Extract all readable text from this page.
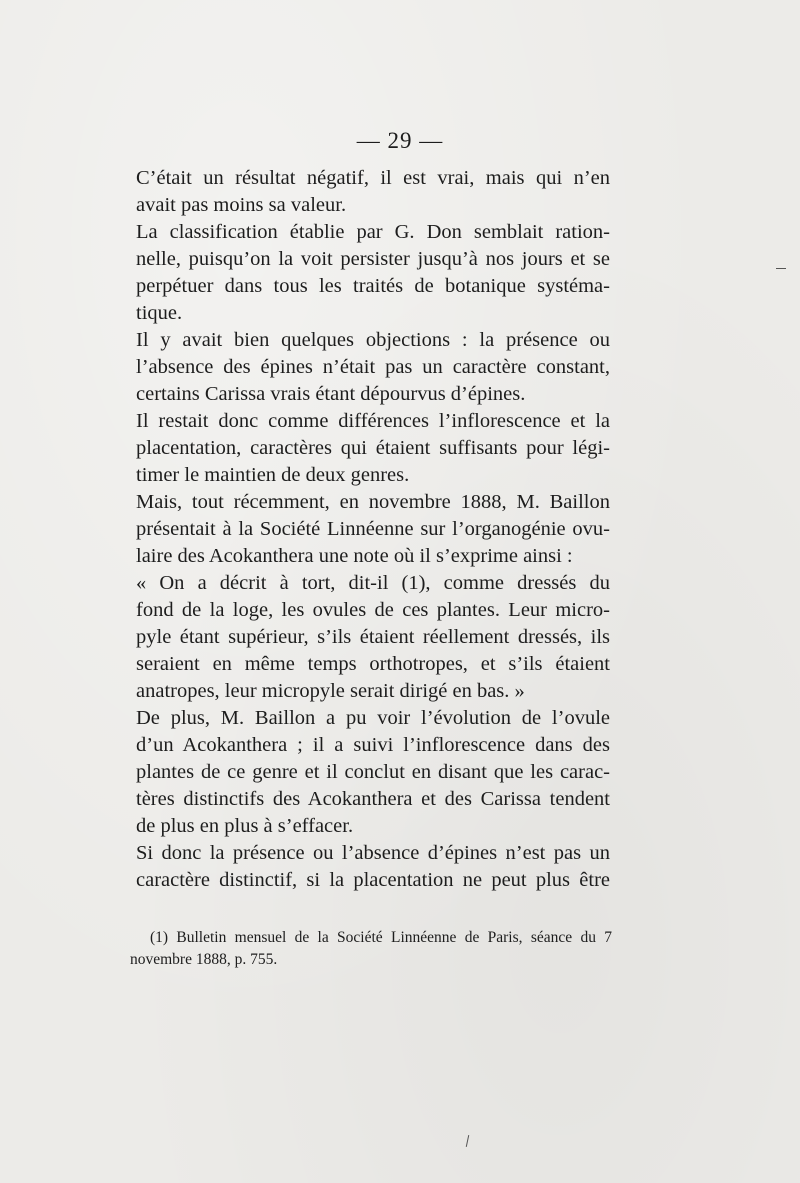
— 29 —
C’était un résultat négatif, il est vrai, mais qui n’en
avait pas moins sa valeur.
La classification établie par G. Don semblait ration-
nelle, puisqu’on la voit persister jusqu’à nos jours et se
perpétuer dans tous les traités de botanique systéma-
tique.
Il y avait bien quelques objections : la présence ou
l’absence des épines n’était pas un caractère constant,
certains Carissa vrais étant dépourvus d’épines.
Il restait donc comme différences l’inflorescence et la
placentation, caractères qui étaient suffisants pour légi-
timer le maintien de deux genres.
Mais, tout récemment, en novembre 1888, M. Baillon
présentait à la Société Linnéenne sur l’organogénie ovu-
laire des Acokanthera une note où il s’exprime ainsi :
« On a décrit à tort, dit-il (1), comme dressés du
fond de la loge, les ovules de ces plantes. Leur micro-
pyle étant supérieur, s’ils étaient réellement dressés, ils
seraient en même temps orthotropes, et s’ils étaient
anatropes, leur micropyle serait dirigé en bas. »
De plus, M. Baillon a pu voir l’évolution de l’ovule
d’un Acokanthera ; il a suivi l’inflorescence dans des
plantes de ce genre et il conclut en disant que les carac-
tères distinctifs des Acokanthera et des Carissa tendent
de plus en plus à s’effacer.
Si donc la présence ou l’absence d’épines n’est pas un
caractère distinctif, si la placentation ne peut plus être
(1) Bulletin mensuel de la Société Linnéenne de Paris, séance du 7
novembre 1888, p. 755.
